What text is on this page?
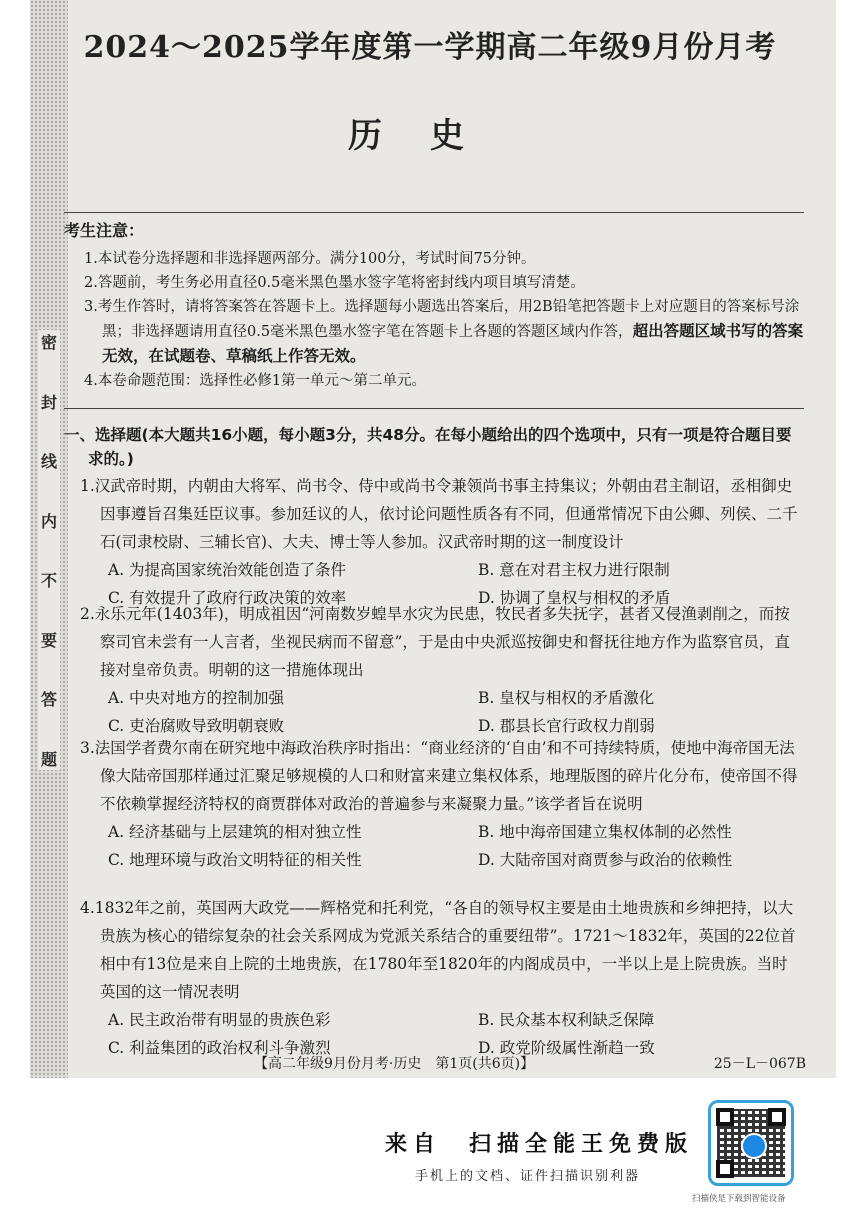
密
封
线
内
不
要
答
题
2024～2025学年度第一学期高二年级9月份月考
历史
考生注意：
1.本试卷分选择题和非选择题两部分。满分100分，考试时间75分钟。
2.答题前，考生务必用直径0.5毫米黑色墨水签字笔将密封线内项目填写清楚。
3.考生作答时，请将答案答在答题卡上。选择题每小题选出答案后，用2B铅笔把答题卡上对应题目的答案标号涂黑；非选择题请用直径0.5毫米黑色墨水签字笔在答题卡上各题的答题区域内作答，超出答题区域书写的答案无效，在试题卷、草稿纸上作答无效。
4.本卷命题范围：选择性必修1第一单元～第二单元。
一、选择题(本大题共16小题，每小题3分，共48分。在每小题给出的四个选项中，只有一项是符合题目要求的。)
1.汉武帝时期，内朝由大将军、尚书令、侍中或尚书令兼领尚书事主持集议；外朝由君主制诏，丞相御史因事遵旨召集廷臣议事。参加廷议的人，依讨论问题性质各有不同，但通常情况下由公卿、列侯、二千石(司隶校尉、三辅长官)、大夫、博士等人参加。汉武帝时期的这一制度设计
A. 为提高国家统治效能创造了条件	B. 意在对君主权力进行限制
C. 有效提升了政府行政决策的效率	D. 协调了皇权与相权的矛盾
2.永乐元年(1403年)，明成祖因“河南数岁蝗旱水灾为民患，牧民者多失抚字，甚者又侵渔剥削之，而按察司官未尝有一人言者，坐视民病而不留意”，于是由中央派巡按御史和督抚往地方作为监察官员，直接对皇帝负责。明朝的这一措施体现出
A. 中央对地方的控制加强	B. 皇权与相权的矛盾激化
C. 吏治腐败导致明朝衰败	D. 郡县长官行政权力削弱
3.法国学者费尔南在研究地中海政治秩序时指出：“商业经济的‘自由’和不可持续特质，使地中海帝国无法像大陆帝国那样通过汇聚足够规模的人口和财富来建立集权体系，地理版图的碎片化分布，使帝国不得不依赖掌握经济特权的商贾群体对政治的普遍参与来凝聚力量。”该学者旨在说明
A. 经济基础与上层建筑的相对独立性	B. 地中海帝国建立集权体制的必然性
C. 地理环境与政治文明特征的相关性	D. 大陆帝国对商贾参与政治的依赖性
4.1832年之前，英国两大政党——辉格党和托利党，“各自的领导权主要是由土地贵族和乡绅把持，以大贵族为核心的错综复杂的社会关系网成为党派关系结合的重要纽带”。1721～1832年，英国的22位首相中有13位是来自上院的土地贵族，在1780年至1820年的内阁成员中，一半以上是上院贵族。当时英国的这一情况表明
A. 民主政治带有明显的贵族色彩	B. 民众基本权利缺乏保障
C. 利益集团的政治权利斗争激烈	D. 政党阶级属性渐趋一致
【高二年级9月份月考·历史　第1页(共6页)】	25－L－067B
来自　扫描全能王免费版
手机上的文档、证件扫描识别利器
扫描侠是下载到智能设备
